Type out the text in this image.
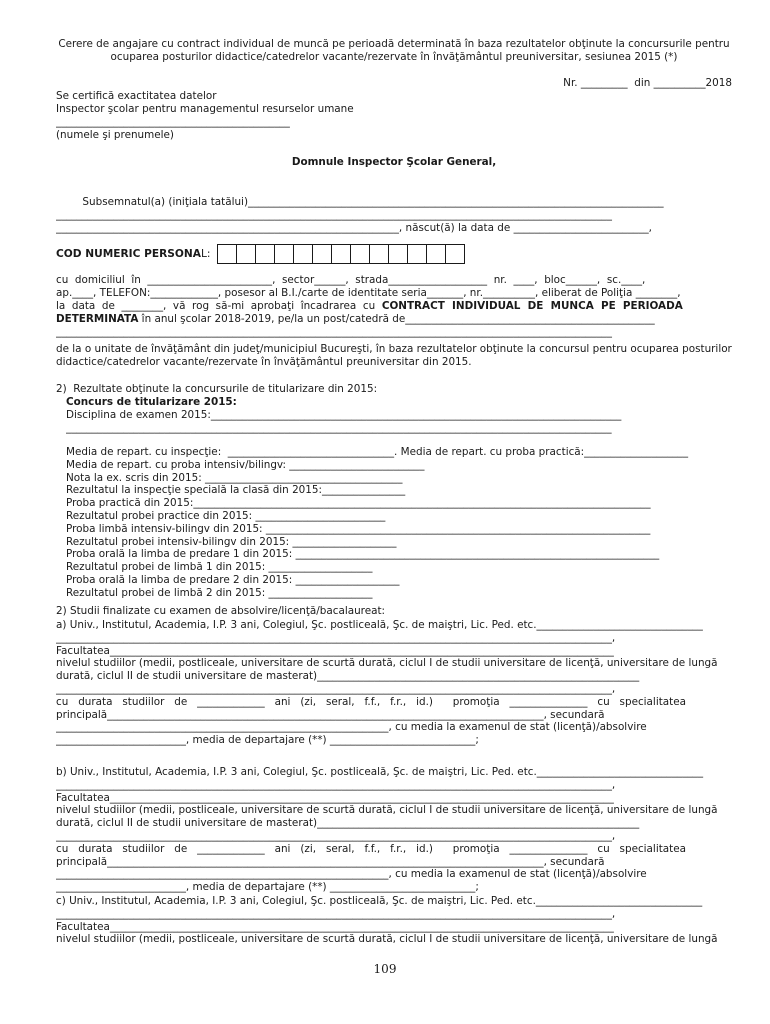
Cerere de angajare cu contract individual de muncă pe perioadă determinată în baza rezultatelor obţinute la concursurile pentru
ocuparea posturilor didactice/catedrelor vacante/rezervate în învăţământul preuniversitar, sesiunea 2015 (*)
Nr. _________  din __________2018
Se certifică exactitatea datelor
Inspector şcolar pentru managementul resurselor umane
_____________________________________________
(numele şi prenumele)
Domnule Inspector Şcolar General,
Subsemnatul(a) (iniţiala tatălui)________________________________________________________________________________
___________________________________________________________________________________________________________
__________________________________________________________________, născut(ă) la data de __________________________,
COD NUMERIC PERSONA L:
cu  domiciliul  în  ________________________,  sector______,  strada___________________  nr.  ____,  bloc______,  sc.____,
ap.____, TELEFON:_____________, posesor al B.I./carte de identitate seria_______, nr.__________, eliberat de Poliţia ________,
la  data  de  ________,  vă  rog  să-mi  aprobaţi  încadrarea  cu  CONTRACT  INDIVIDUAL  DE  MUNCA  PE  PERIOADA
DETERMINATA în anul şcolar 2018-2019, pe/la un post/catedră de________________________________________________
___________________________________________________________________________________________________________
de la o unitate de învăţământ din judeţ/municipiul Bucureşti, în baza rezultatelor obţinute la concursul pentru ocuparea posturilor
didactice/catedrelor vacante/rezervate în învăţământul preuniversitar din 2015.
2)  Rezultate obţinute la concursurile de titularizare din 2015:
Concurs de titularizare 2015:
Disciplina de examen 2015:_______________________________________________________________________________
_________________________________________________________________________________________________________
Media de repart. cu inspecţie:  ________________________________. Media de repart. cu proba practică:____________________
Media de repart. cu proba intensiv/bilingv: __________________________
Nota la ex. scris din 2015: ______________________________________
Rezultatul la inspecţie specială la clasă din 2015:________________
Proba practică din 2015:________________________________________________________________________________________
Rezultatul probei practice din 2015: _________________________
Proba limbă intensiv-bilingv din 2015: __________________________________________________________________________
Rezultatul probei intensiv-bilingv din 2015: ____________________
Proba orală la limba de predare 1 din 2015: ______________________________________________________________________
Rezultatul probei de limbă 1 din 2015: ____________________
Proba orală la limba de predare 2 din 2015: ____________________
Rezultatul probei de limbă 2 din 2015: ____________________
2) Studii finalizate cu examen de absolvire/licenţă/bacalaureat:
a) Univ., Institutul, Academia, I.P. 3 ani, Colegiul, Şc. postliceală, Şc. de maiştri, Lic. Ped. etc.________________________________
___________________________________________________________________________________________________________,
Facultatea_________________________________________________________________________________________________
nivelul studiilor (medii, postliceale, universitare de scurtă durată, ciclul I de studii universitare de licenţă, universitare de lungă
durată, ciclul II de studii universitare de masterat)______________________________________________________________
___________________________________________________________________________________________________________,
cu   durata   studiilor   de   _____________   ani   (zi,   seral,   f.f.,   f.r.,   id.)      promoţia   _______________   cu   specialitatea
principală____________________________________________________________________________________, secundară
________________________________________________________________, cu media la examenul de stat (licenţă)/absolvire
_________________________, media de departajare (**) ____________________________;
b) Univ., Institutul, Academia, I.P. 3 ani, Colegiul, Şc. postliceală, Şc. de maiştri, Lic. Ped. etc.________________________________
___________________________________________________________________________________________________________,
Facultatea_________________________________________________________________________________________________
nivelul studiilor (medii, postliceale, universitare de scurtă durată, ciclul I de studii universitare de licenţă, universitare de lungă
durată, ciclul II de studii universitare de masterat)______________________________________________________________
___________________________________________________________________________________________________________,
cu   durata   studiilor   de   _____________   ani   (zi,   seral,   f.f.,   f.r.,   id.)      promoţia   _______________   cu   specialitatea
principală____________________________________________________________________________________, secundară
________________________________________________________________, cu media la examenul de stat (licenţă)/absolvire
_________________________, media de departajare (**) ____________________________;
c) Univ., Institutul, Academia, I.P. 3 ani, Colegiul, Şc. postliceală, Şc. de maiştri, Lic. Ped. etc.________________________________
___________________________________________________________________________________________________________,
Facultatea_________________________________________________________________________________________________
nivelul studiilor (medii, postliceale, universitare de scurtă durată, ciclul I de studii universitare de licenţă, universitare de lungă
109
